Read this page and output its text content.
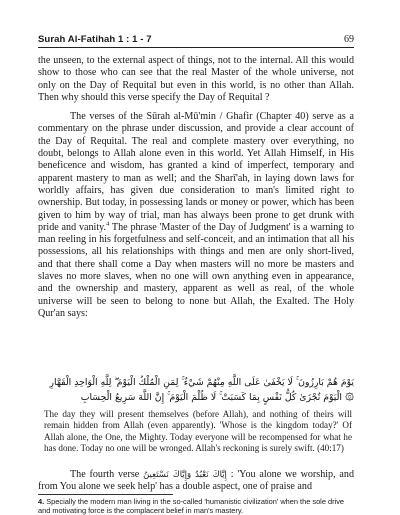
Surah Al-Fatihah 1 : 1 - 7	69

the unseen, to the external aspect of things, not to the internal. All this would show to those who can see that the real Master of the whole universe, not only on the Day of Requital but even in this world, is no other than Allah. Then why should this verse specify the Day of Requital ?

The verses of the Sūrah al-Mū'min / Ghafir (Chapter 40) serve as a commentary on the phrase under discussion, and provide a clear account of the Day of Requital. The real and complete mastery over everything, no doubt, belongs to Allah alone even in this world. Yet Allah Himself, in His beneficence and wisdom, has granted a kind of imperfect, temporary and apparent mastery to man as well; and the Sharī'ah, in laying down laws for worldly affairs, has given due consideration to man's limited right to ownership. But today, in possessing lands or money or power, which has been given to him by way of trial, man has always been prone to get drunk with pride and vanity.$^4$ The phrase 'Master of the Day of Judgment' is a warning to man reeling in his forgetfulness and self-conceit, and an intimation that all his possessions, all his relationships with things and men are only short-lived, and that there shall come a Day when masters will no more be masters and slaves no more slaves, when no one will own anything even in appearance, and the ownership and mastery, apparent as well as real, of the whole universe will be seen to belong to none but Allah, the Exalted. The Holy Qur'an says:

يَوْمَ هُمْ بَارِزُونَ ۚ لَا يَخْفَىٰ عَلَى اللَّهِ مِنْهُمْ شَيْءٌ ۚ لِمَنِ الْمُلْكُ الْيَوْمَ ۖ لِلَّهِ الْوَاحِدِ الْقَهَّارِ ۞ الْيَوْمَ تُجْزَىٰ كُلُّ نَفْسٍ بِمَا كَسَبَتْ ۚ لَا ظُلْمَ الْيَوْمَ ۚ إِنَّ اللَّهَ سَرِيعُ الْحِسَابِ

The day they will present themselves (before Allah), and nothing of theirs will remain hidden from Allah (even apparently). 'Whose is the kingdom today?' Of Allah alone, the One, the Mighty. Today everyone will be recompensed for what he has done. Today no one will be wronged. Allah's reckoning is surely swift. (40:17)

The fourth verse إِيَّاكَ نَعْبُدُ وَإِيَّاكَ نَسْتَعِينُ : 'You alone we worship, and from You alone we seek help' has a double aspect, one of praise and

4. Specially the modern man living in the so-called 'humanistic civilization' when the sole drive and motivating force is the complacent belief in man's mastery.
